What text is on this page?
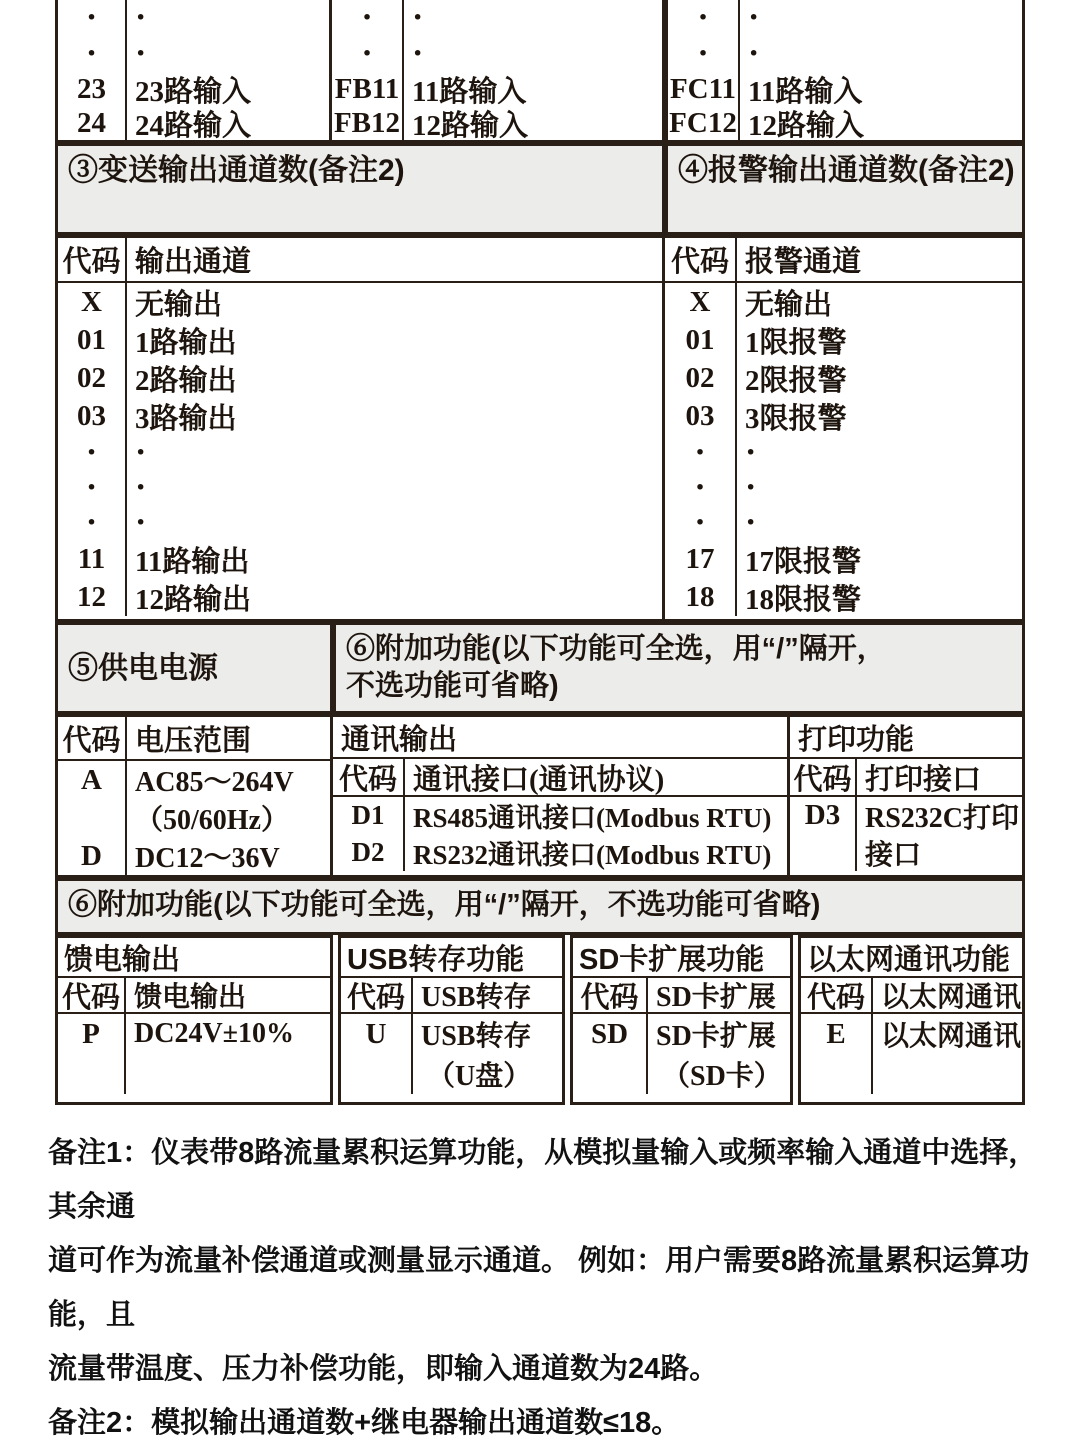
·	·
·	·
23	23路输入
24	24路输入
·	·
·	·
FB11 11路输入
FB12 12路输入
·	·
·	·
FC11 11路输入
FC12 12路输入
③变送输出通道数(备注2)	④报警输出通道数(备注2)
代码 输出通道
X	无输出
01	1路输出
02	2路输出
03	3路输出
·	·
·	·
·	·
11	11路输出
12	12路输出
代码 报警通道
X	无输出
01	1限报警
02	2限报警
03	3限报警
·	·
·	·
·	·
17	17限报警
18	18限报警
⑤供电电源
⑥附加功能(以下功能可全选，用“/”隔开，
不选功能可省略)
代码 电压范围
A	AC85～264V
（50/60Hz）
D	DC12～36V
通讯输出
代码 通讯接口(通讯协议)
D1	RS485通讯接口(Modbus RTU)
D2	RS232通讯接口(Modbus RTU)
打印功能
代码 打印接口
D3 RS232C打印
接口
⑥附加功能(以下功能可全选，用“/”隔开，不选功能可省略)
馈电输出
代码 馈电输出
P	DC24V±10%
USB转存功能
代码 USB转存
U	USB转存
（U盘）
SD卡扩展功能
代码 SD卡扩展
SD SD卡扩展
（SD卡）
以太网通讯功能
代码 以太网通讯
E	以太网通讯

备注1：仪表带8路流量累积运算功能，从模拟量输入或频率输入通道中选择，其余通

道可作为流量补偿通道或测量显示通道。 例如：用户需要8路流量累积运算功能，且

流量带温度、压力补偿功能，即输入通道数为24路。

备注2：模拟输出通道数+继电器输出通道数≤18。
